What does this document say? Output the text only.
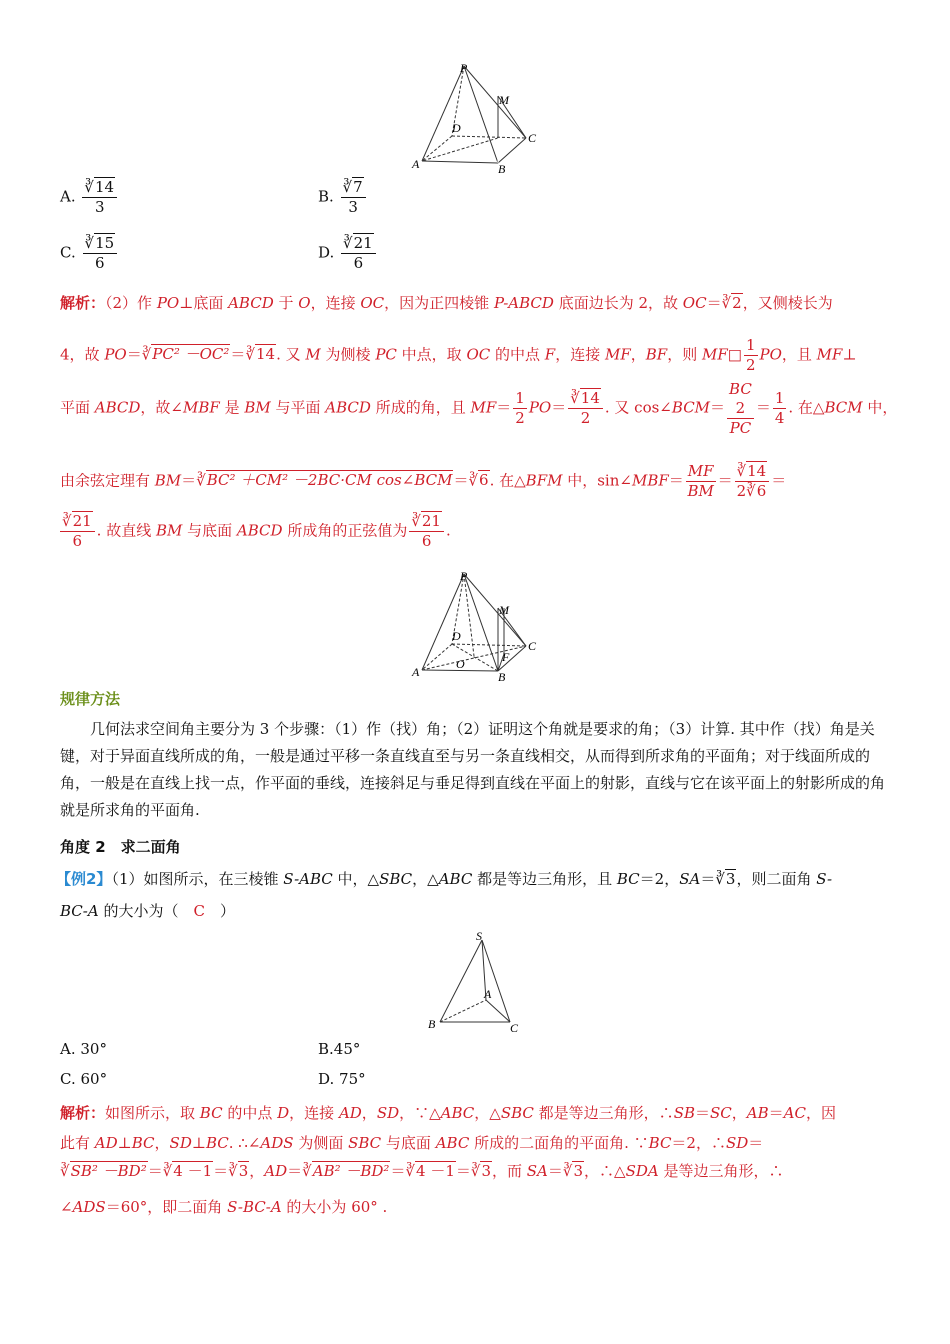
P
M
D
C
A	B
A. $\frac{∛14}{3}$	B. $\frac{∛7}{3}$
C. $\frac{∛15}{6}$	D. $\frac{∛21}{6}$
解析：（2）作 PO⊥底面 ABCD 于 O，连接 OC，因为正四棱锥 P-ABCD 底面边长为 2，故 OC＝∛2，又侧棱长为
4，故 PO＝∛PC² －OC²＝∛14. 又 M 为侧棱 PC 中点，取 OC 的中点 F，连接 MF，BF，则 MF□ $\frac{1}{2}$ PO，且 MF⊥
平面 ABCD，故∠MBF 是 BM 与平面 ABCD 所成的角，且 $MF= \frac{1}{2} PO= \frac{∛14}{2}$ . 又 cos∠BCM＝
BC
2
$PC= \frac{1}{4}$ . 在△BCM 中，
由余弦定理有 BM＝∛BC² ＋CM² －2BC·CM cos∠BCM＝∛6. 在△BFM 中，sin∠MBF＝ $\frac{MF}{BM} = \frac{∛14}{2∛6}$ ＝
$\frac{∛21}{6}$ . 故直线 BM 与底面 ABCD 所成角的正弦值为 $\frac{∛21}{6}$ .
P
M
D
C
O	F
A	B
规律方法
几何法求空间角主要分为 3 个步骤：（1）作（找）角；（2）证明这个角就是要求的角；（3）计算. 其中作（找）角是关键，对于异面直线所成的角，一般是通过平移一条直线直至与另一条直线相交，从而得到所求角的平面角；对于线面所成的角，一般是在直线上找一点，作平面的垂线，连接斜足与垂足得到直线在平面上的射影，直线与它在该平面上的射影所成的角就是所求角的平面角.
角度 2　求二面角
【例2】（1）如图所示，在三棱锥 S-ABC 中，△SBC，△ABC 都是等边三角形，且 BC＝2，SA＝∛3，则二面角 S-
BC-A 的大小为（　C　）
S
A
B	C
A. 30°	B.45°
C. 60°	D. 75°
解析：如图所示，取 BC 的中点 D，连接 AD，SD，∵△ABC，△SBC 都是等边三角形，∴SB＝SC，AB＝AC，因
此有 AD⊥BC，SD⊥BC. ∴∠ADS 为侧面 SBC 与底面 ABC 所成的二面角的平面角. ∵BC＝2，∴SD＝
∛SB² －BD²＝∛4 －1＝∛3，AD＝∛AB² －BD²＝∛4 －1＝∛3，而 SA＝∛3，∴△SDA 是等边三角形，∴
∠ADS＝60°，即二面角 S-BC-A 的大小为 60° .
